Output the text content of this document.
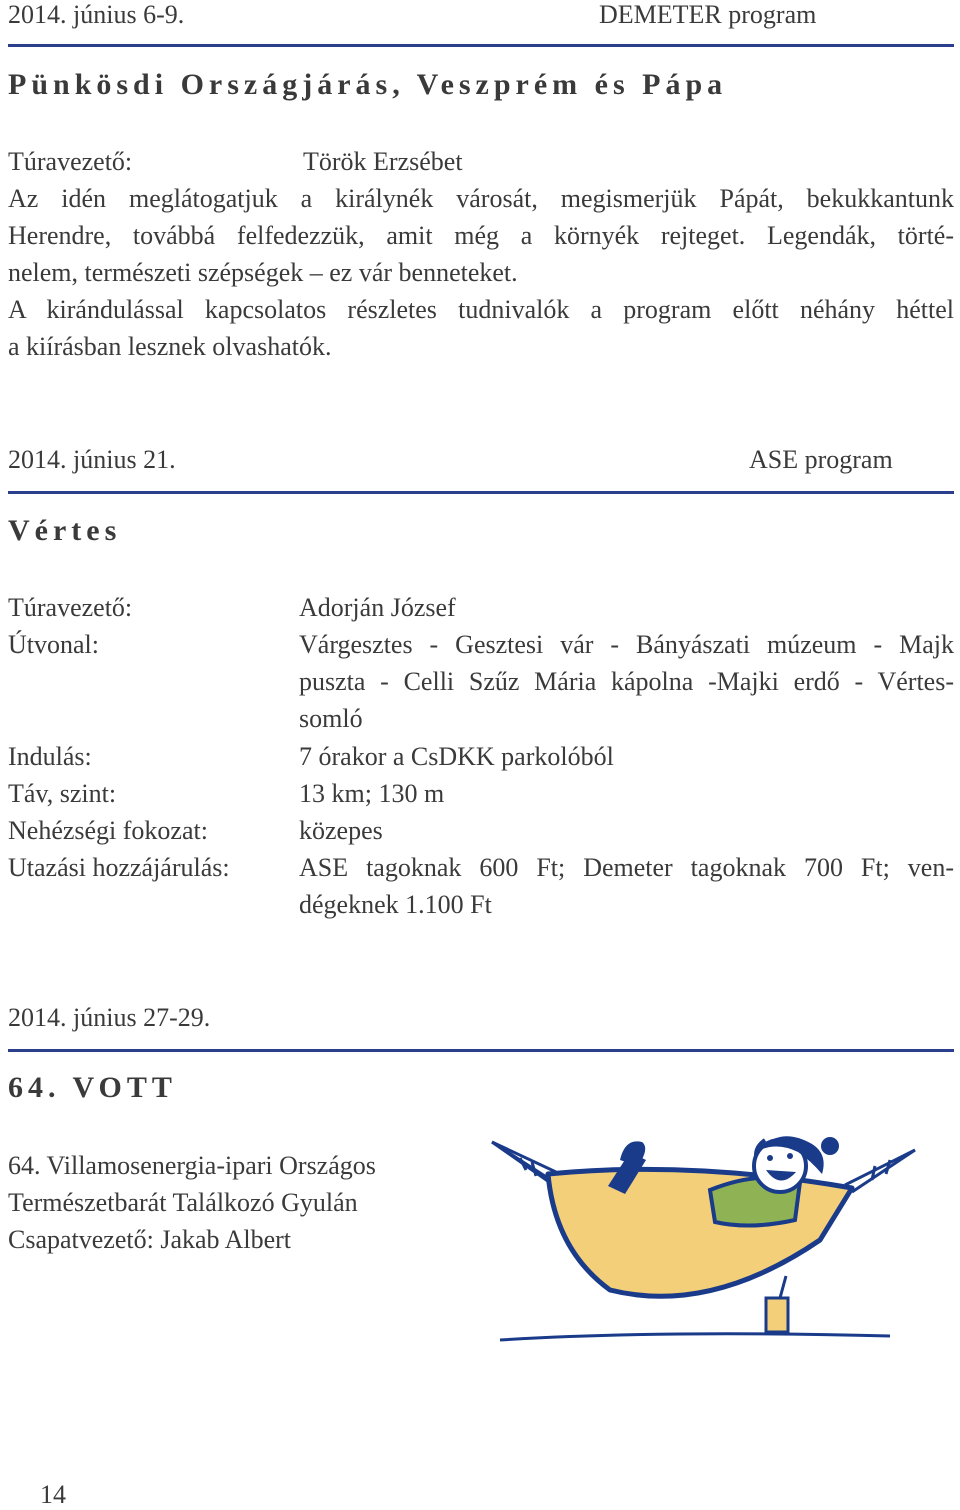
2014. június 6-9.	DEMETER program
Pünkösdi Országjárás, Veszprém és Pápa
Túravezető:	Török Erzsébet
Az idén meglátogatjuk a királynék városát, megismerjük Pápát, bekukkantunk
Herendre, továbbá felfedezzük, amit még a környék rejteget. Legendák, törté-
nelem, természeti szépségek – ez vár benneteket.
A kirándulással kapcsolatos részletes tudnivalók a program előtt néhány héttel
a kiírásban lesznek olvashatók.
2014. június 21.	ASE program
Vértes
Túravezető:	Adorján József
Útvonal:	Várgesztes - Gesztesi vár - Bányászati múzeum - Majk
puszta - Celli Szűz Mária kápolna -Majki erdő - Vértes-
somló
Indulás:	7 órakor a CsDKK parkolóból
Táv, szint:	13 km; 130 m
Nehézségi fokozat:	közepes
Utazási hozzájárulás:	ASE tagoknak 600 Ft; Demeter tagoknak 700 Ft; ven-
dégeknek 1.100 Ft
2014. június 27-29.
64. VOTT
64. Villamosenergia-ipari Országos
Természetbarát Találkozó Gyulán
Csapatvezető: Jakab Albert
14
